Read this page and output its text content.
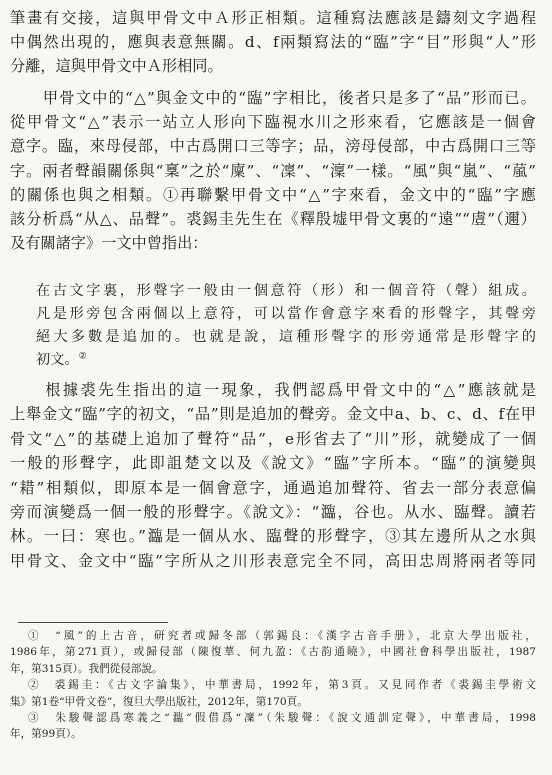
筆畫有交接，這與甲骨文中Ａ形正相類。這種寫法應該是鑄刻文字過程

中偶然出現的，應與表意無關。d、f兩類寫法的“臨”字“目”形與“人”形

分離，這與甲骨文中Ａ形相同。

　　甲骨文中的“△”與金文中的“臨”字相比，後者只是多了“品”形而已。

從甲骨文“△”表示一站立人形向下臨視水川之形來看，它應該是一個會

意字。臨，來母侵部，中古爲開口三等字；品，滂母侵部，中古爲開口三等

字。兩者聲韻關係與“稟”之於“廩”、“凜”、“澟”一樣。“風”與“嵐”、“葻”

的關係也與之相類。①再聯繫甲骨文中“△”字來看，金文中的“臨”字應

該分析爲“从△、品聲”。裘錫圭先生在《釋殷墟甲骨文裏的“遠”“䖒”（邇）

及有關諸字》一文中曾指出：

在古文字裏，形聲字一般由一個意符（形）和一個音符（聲）組成。

凡是形旁包含兩個以上意符，可以當作會意字來看的形聲字，其聲旁

絕大多數是追加的。也就是說，這種形聲字的形旁通常是形聲字的

初文。②

　　根據裘先生指出的這一現象，我們認爲甲骨文中的“△”應該就是

上舉金文“臨”字的初文，“品”則是追加的聲旁。金文中a、b、c、d、f在甲

骨文“△”的基礎上追加了聲符“品”，e形省去了“川”形，就變成了一個

一般的形聲字，此即詛楚文以及《說文》“臨”字所本。“臨”的演變與

“耤”相類似，即原本是一個會意字，通過追加聲符、省去一部分表意偏

旁而演變爲一個一般的形聲字。《說文》：“瀶，谷也。从水、臨聲。讀若

林。一曰：寒也。”瀶是一個从水、臨聲的形聲字，③其左邊所从之水與

甲骨文、金文中“臨”字所从之川形表意完全不同，高田忠周將兩者等同

①　“風”的上古音，研究者或歸冬部（郭錫良：《漢字古音手册》，北京大學出版社，

1986年，第271頁），或歸侵部（陳復華、何九盈：《古韵通曉》，中國社會科學出版社，1987

年，第315頁）。我們從侵部說。

②　裘錫圭：《古文字論集》，中華書局，1992年，第3頁。又見同作者《裘錫圭學術文

集》第1卷“甲骨文卷”，復旦大學出版社，2012年，第170頁。

③　朱駿聲認爲寒義之“瀶”假借爲“凜”（朱駿聲：《說文通訓定聲》，中華書局，1998

年，第99頁）。
